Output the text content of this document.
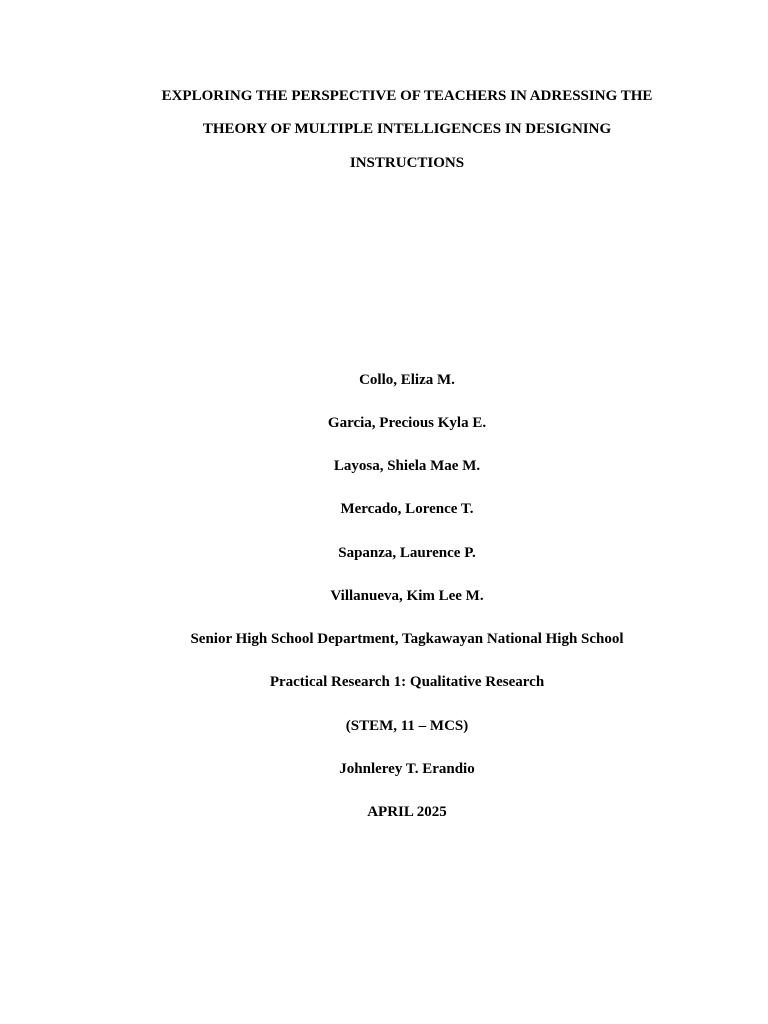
EXPLORING THE PERSPECTIVE OF TEACHERS IN ADRESSING THE
THEORY OF MULTIPLE INTELLIGENCES IN DESIGNING
INSTRUCTIONS
Collo, Eliza M.
Garcia, Precious Kyla E.
Layosa, Shiela Mae M.
Mercado, Lorence T.
Sapanza, Laurence P.
Villanueva, Kim Lee M.
Senior High School Department, Tagkawayan National High School
Practical Research 1: Qualitative Research
(STEM, 11 – MCS)
Johnlerey T. Erandio
APRIL 2025
